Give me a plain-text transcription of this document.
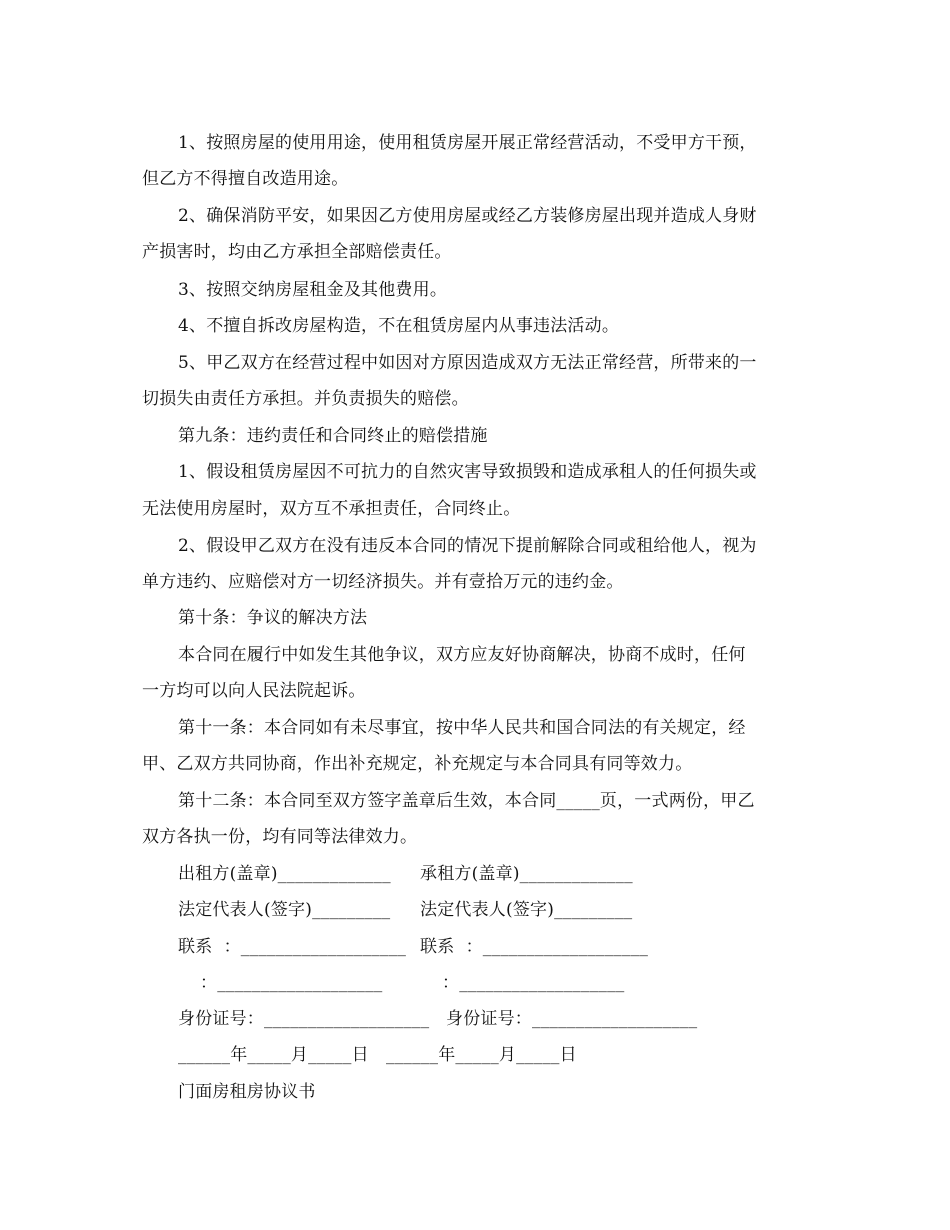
1、按照房屋的使用用途，使用租赁房屋开展正常经营活动，不受甲方干预，
但乙方不得擅自改造用途。
2、确保消防平安，如果因乙方使用房屋或经乙方装修房屋出现并造成人身财
产损害时，均由乙方承担全部赔偿责任。
3、按照交纳房屋租金及其他费用。
4、不擅自拆改房屋构造，不在租赁房屋内从事违法活动。
5、甲乙双方在经营过程中如因对方原因造成双方无法正常经营，所带来的一
切损失由责任方承担。并负责损失的赔偿。
第九条：违约责任和合同终止的赔偿措施
1、假设租赁房屋因不可抗力的自然灾害导致损毁和造成承租人的任何损失或
无法使用房屋时，双方互不承担责任，合同终止。
2、假设甲乙双方在没有违反本合同的情况下提前解除合同或租给他人，视为
单方违约、应赔偿对方一切经济损失。并有壹拾万元的违约金。
第十条：争议的解决方法
本合同在履行中如发生其他争议，双方应友好协商解决，协商不成时，任何
一方均可以向人民法院起诉。
第十一条：本合同如有未尽事宜，按中华人民共和国合同法的有关规定，经
甲、乙双方共同协商，作出补充规定，补充规定与本合同具有同等效力。
第十二条：本合同至双方签字盖章后生效，本合同_____页，一式两份，甲乙
双方各执一份，均有同等法律效力。
出租方(盖章)_____________ 承租方(盖章)_____________
法定代表人(签字)_________ 法定代表人(签字)_________
联系  ：___________________ 联系  ：___________________
：___________________	：___________________
身份证号：___________________ 身份证号：___________________
______年_____月_____日 ______年_____月_____日
门面房租房协议书
